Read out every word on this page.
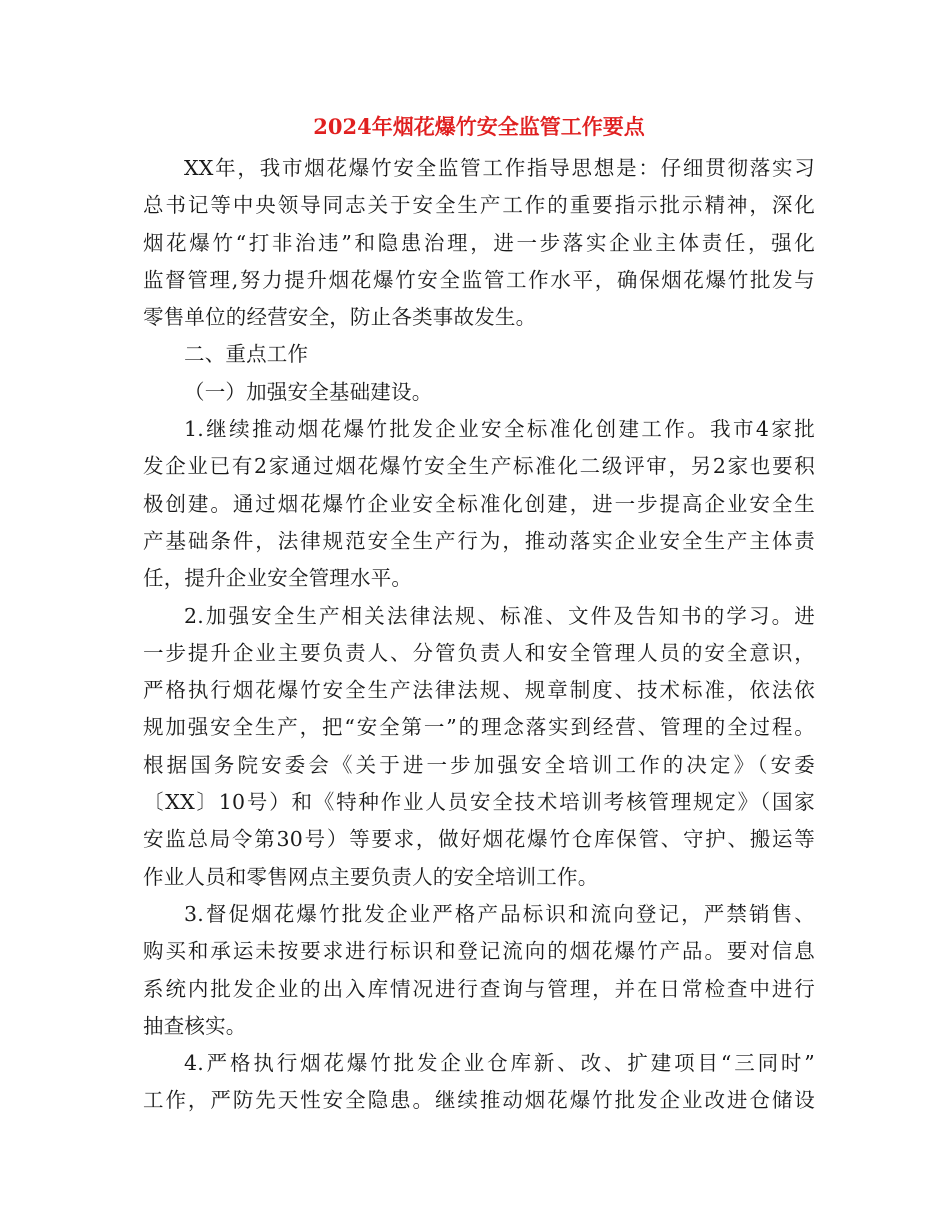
2024年烟花爆竹安全监管工作要点
XX年，我市烟花爆竹安全监管工作指导思想是：仔细贯彻落实习
总书记等中央领导同志关于安全生产工作的重要指示批示精神，深化
烟花爆竹“打非治违”和隐患治理，进一步落实企业主体责任，强化
监督管理,努力提升烟花爆竹安全监管工作水平，确保烟花爆竹批发与
零售单位的经营安全，防止各类事故发生。
二、重点工作
（一）加强安全基础建设。
1.继续推动烟花爆竹批发企业安全标准化创建工作。我市4家批
发企业已有2家通过烟花爆竹安全生产标准化二级评审，另2家也要积
极创建。通过烟花爆竹企业安全标准化创建，进一步提高企业安全生
产基础条件，法律规范安全生产行为，推动落实企业安全生产主体责
任，提升企业安全管理水平。
2.加强安全生产相关法律法规、标准、文件及告知书的学习。进
一步提升企业主要负责人、分管负责人和安全管理人员的安全意识，
严格执行烟花爆竹安全生产法律法规、规章制度、技术标准，依法依
规加强安全生产，把“安全第一”的理念落实到经营、管理的全过程。
根据国务院安委会《关于进一步加强安全培训工作的决定》（安委
〔XX〕10号）和《特种作业人员安全技术培训考核管理规定》（国家
安监总局令第30号）等要求，做好烟花爆竹仓库保管、守护、搬运等
作业人员和零售网点主要负责人的安全培训工作。
3.督促烟花爆竹批发企业严格产品标识和流向登记，严禁销售、
购买和承运未按要求进行标识和登记流向的烟花爆竹产品。要对信息
系统内批发企业的出入库情况进行查询与管理，并在日常检查中进行
抽查核实。
4.严格执行烟花爆竹批发企业仓库新、改、扩建项目“三同时”
工作，严防先天性安全隐患。继续推动烟花爆竹批发企业改进仓储设
